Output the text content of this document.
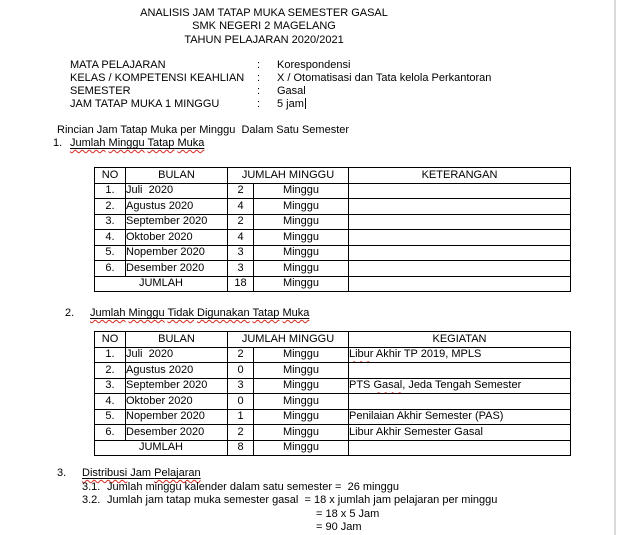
ANALISIS JAM TATAP MUKA SEMESTER GASAL
SMK NEGERI 2 MAGELANG
TAHUN PELAJARAN 2020/2021
MATA PELAJARAN	:	Korespondensi
KELAS / KOMPETENSI KEAHLIAN	:	X / Otomatisasi dan Tata kelola Perkantoran
SEMESTER	:	Gasal
JAM TATAP MUKA 1 MINGGU	:	5 jam
Rincian Jam Tatap Muka per Minggu  Dalam Satu Semester
1. Jumlah Minggu Tatap Muka
NO	BULAN	JUMLAH MINGGU		KETERANGAN
1.	Juli  2020	2	Minggu	
2.	Agustus 2020	4	Minggu	
3.	September 2020	2	Minggu	
4.	Oktober 2020	4	Minggu	
5.	Nopember 2020	3	Minggu	
6.	Desember 2020	3	Minggu	
JUMLAH		18	Minggu	
2. Jumlah Minggu Tidak Digunakan Tatap Muka
NO	BULAN	JUMLAH MINGGU		KEGIATAN
1.	Juli  2020	2	Minggu	Libur Akhir TP 2019, MPLS
2.	Agustus 2020	0	Minggu	
3.	September 2020	3	Minggu	PTS Gasal, Jeda Tengah Semester
4.	Oktober 2020	0	Minggu	
5.	Nopember 2020	1	Minggu	Penilaian Akhir Semester (PAS)
6.	Desember 2020	2	Minggu	Libur Akhir Semester Gasal
JUMLAH		8	Minggu	
3. Distribusi Jam Pelajaran
3.1. Jumlah minggu kalender dalam satu semester =  26 minggu
3.2. Jumlah jam tatap muka semester gasal  = 18 x jumlah jam pelajaran per minggu
= 18 x 5 Jam
= 90 Jam
